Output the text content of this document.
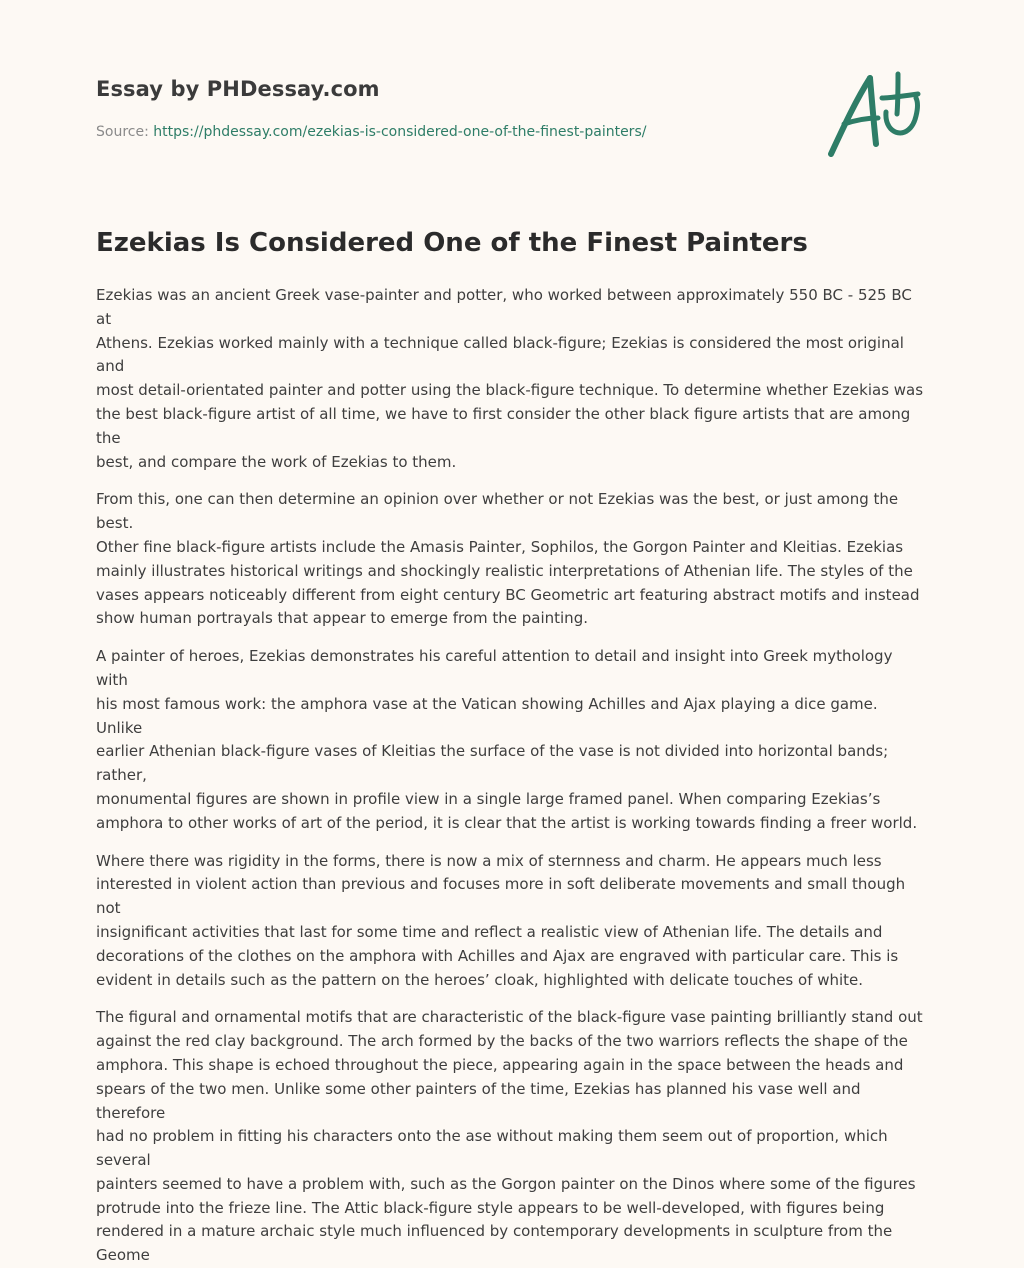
Essay by PHDessay.com
Source: https://phdessay.com/ezekias-is-considered-one-of-the-finest-painters/
Ezekias Is Considered One of the Finest Painters

Ezekias was an ancient Greek vase-painter and potter, who worked between approximately 550 BC - 525 BC at
Athens. Ezekias worked mainly with a technique called black-figure; Ezekias is considered the most original and
most detail-orientated painter and potter using the black-figure technique. To determine whether Ezekias was
the best black-figure artist of all time, we have to first consider the other black figure artists that are among the
best, and compare the work of Ezekias to them.

From this, one can then determine an opinion over whether or not Ezekias was the best, or just among the best.
Other fine black-figure artists include the Amasis Painter, Sophilos, the Gorgon Painter and Kleitias. Ezekias
mainly illustrates historical writings and shockingly realistic interpretations of Athenian life. The styles of the
vases appears noticeably different from eight century BC Geometric art featuring abstract motifs and instead
show human portrayals that appear to emerge from the painting.

A painter of heroes, Ezekias demonstrates his careful attention to detail and insight into Greek mythology with
his most famous work: the amphora vase at the Vatican showing Achilles and Ajax playing a dice game. Unlike
earlier Athenian black-figure vases of Kleitias the surface of the vase is not divided into horizontal bands; rather,
monumental figures are shown in profile view in a single large framed panel. When comparing Ezekias’s
amphora to other works of art of the period, it is clear that the artist is working towards finding a freer world.

Where there was rigidity in the forms, there is now a mix of sternness and charm. He appears much less
interested in violent action than previous and focuses more in soft deliberate movements and small though not
insignificant activities that last for some time and reflect a realistic view of Athenian life. The details and
decorations of the clothes on the amphora with Achilles and Ajax are engraved with particular care. This is
evident in details such as the pattern on the heroes’ cloak, highlighted with delicate touches of white.

The figural and ornamental motifs that are characteristic of the black-figure vase painting brilliantly stand out
against the red clay background. The arch formed by the backs of the two warriors reflects the shape of the
amphora. This shape is echoed throughout the piece, appearing again in the space between the heads and
spears of the two men. Unlike some other painters of the time, Ezekias has planned his vase well and therefore
had no problem in fitting his characters onto the ase without making them seem out of proportion, which several
painters seemed to have a problem with, such as the Gorgon painter on the Dinos where some of the figures
protrude into the frieze line. The Attic black-figure style appears to be well-developed, with figures being
rendered in a mature archaic style much influenced by contemporary developments in sculpture from the Geome
